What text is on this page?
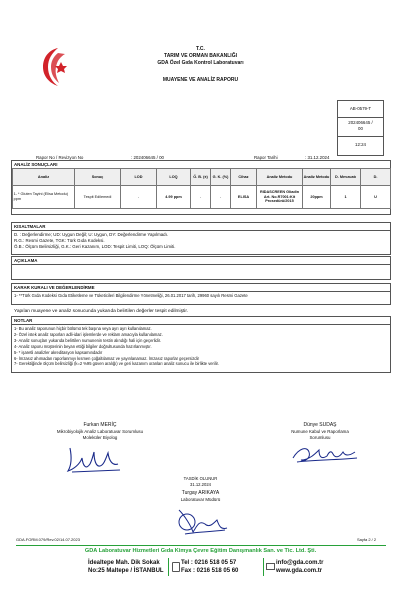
T.C.
TARIM VE ORMAN BAKANLIĞI
GDA Özel Gıda Kontrol Laboratuvarı
MUAYENE VE ANALİZ RAPORU
AB-0579-T
202406645 /
00
12:24
Rapor No / Revizyon No	: 202406645 / 00	Rapor Tarihi	: 31.12.2024
ANALİZ SONUÇLARI
Analiz	Sonuç	LOD	LOQ	Ö. B. (±)	G. K. (%)	Cihaz	Analiz Metodu	Analiz Metodu	D. Mevzuatı	D.
1- * Gluten Tayini (Elisa Metodu) ppm	Tespit Edilemedi	-	4.99 ppm	-	-	ELISA	RIDASCREEN Gliadin Art. No.R7001:Kit Prosedürü/2015	20ppm	1	U
KISALTMALAR
D. : Değerlendirme; UD: Uygun Değil; U: Uygun, DY: Değerlendirme Yapılmadı.
R.G.: Resmi Gazete, TGK: Türk Gıda Kodeksi.
Ö.B.: Ölçüm Belirsizliği, G.K.: Geri Kazanım, LOD: Tespit Limiti, LOQ: Ölçüm Limiti.
AÇIKLAMA
KARAR KURALI VE DEĞERLENDİRME
1- **Türk Gıda Kodeksi Gıda Etiketleme ve Tüketicileri Bilgilendirme Yönetmeliği, 26.01.2017 tarih, 29960 sayılı Resmi Gazete
Yapılan muayene ve analiz sonucunda yukarıda belirtilen değerler tespit edilmiştir.
NOTLAR
1- Bu analiz raporunun hiçbir bölümü tek başına veya ayrı ayrı kullanılamaz.
2- Özel istek analiz raporları adli-idari işlemlerde ve reklam amacıyla kullanılamaz.
3- Analiz sonuçları yukarıda belirtilen numunenin testin alındığı hali için geçerlidir.
4- Analiz raporu müşterinin beyan ettiği bilgiler doğrultusunda hazırlanmıştır.
5- * işaretli analizler akreditasyon kapsamındadır
6- İmzasız ahımadan raporlanmıyı kısmen çoğaltılamaz ve yayınlanamaz. İmzasız raporlar geçersizdir
7- Gerektiğinde ölçüm belirsizliği (k=2 %95 güven aralığı) ve geri kazanım oranları analiz sonucu ile birlikte verilir.
Furkan MERİÇ
Mikrobiyolojik Analiz Laboratuvar Sorumlusu
Moleküler Biyolog
Dünye SUDAŞ
Numune Kabul ve Raporlama
Sorumlusu
TASDİK OLUNUR
31.12.2024
Turgay ARIKAYA
Laboratuvar Müdürü
GDA.FORM.079/Rev.02/14.07.2023	Sayfa 2 / 2
GDA Laboratuvar Hizmetleri Gıda Kimya Çevre Eğitim Danışmanlık San. ve Tic. Ltd. Şti.
İdealtepe Mah. Dik Sokak
No:25 Maltepe / İSTANBUL
Tel : 0216 518 05 57
Fax : 0216 518 05 60
info@gda.com.tr
www.gda.com.tr
